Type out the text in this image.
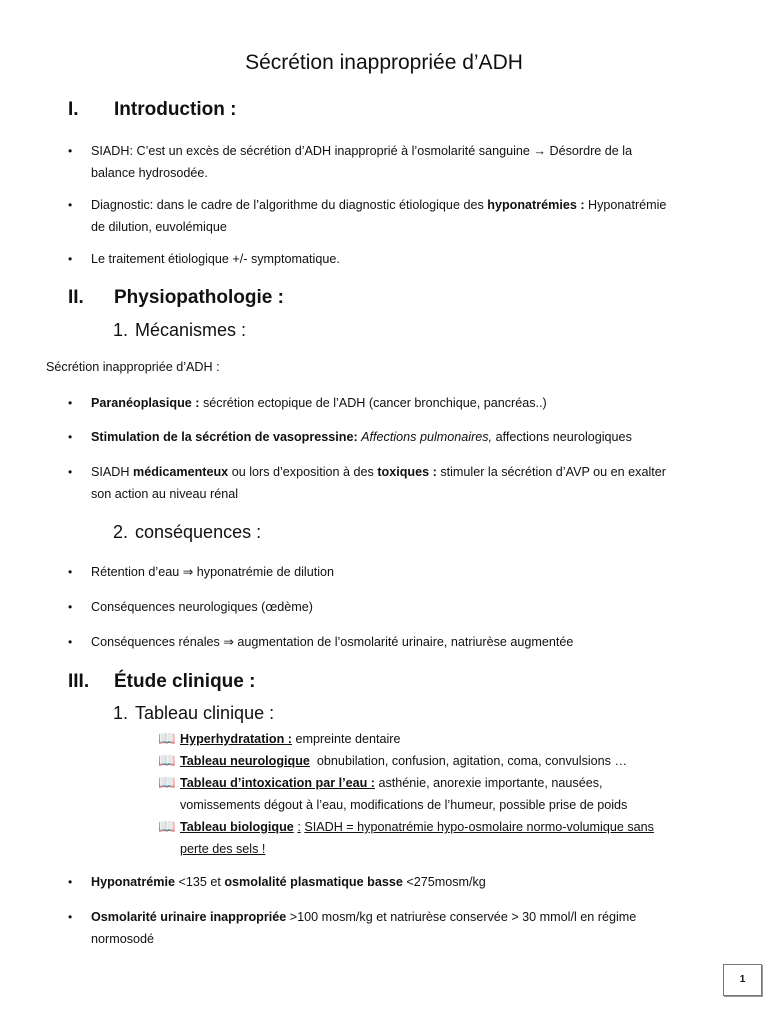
Sécrétion inappropriée d’ADH
I. Introduction :
•
SIADH: C’est un excès de sécrétion d’ADH inapproprié à l’osmolarité sanguine → Désordre de la
balance hydrosodée.
•
Diagnostic: dans le cadre de l’algorithme du diagnostic étiologique des hyponatrémies : Hyponatrémie
de dilution, euvolémique
•
Le traitement étiologique +/- symptomatique.
II. Physiopathologie :
1. Mécanismes :
Sécrétion inappropriée d’ADH :
•
Paranéoplasique : sécrétion ectopique de l’ADH (cancer bronchique, pancréas..)
•
Stimulation de la sécrétion de vasopressine: Affections pulmonaires, affections neurologiques
•
SIADH médicamenteux ou lors d’exposition à des toxiques : stimuler la sécrétion d’AVP ou en exalter
son action au niveau rénal
2. conséquences :
•
Rétention d’eau ⇒ hyponatrémie de dilution
•
Conséquences neurologiques (œdème)
•
Conséquences rénales ⇒ augmentation de l’osmolarité urinaire, natriurèse augmentée
III. Étude clinique :
1. Tableau clinique :
📖 Hyperhydratation : empreinte dentaire
📖 Tableau neurologique obnubilation, confusion, agitation, coma, convulsions …
📖 Tableau d’intoxication par l’eau : asthénie, anorexie importante, nausées,
vomissements dégout à l’eau, modifications de l’humeur, possible prise de poids
📖 Tableau biologique : SIADH = hyponatrémie hypo-osmolaire normo-volumique sans
perte des sels !
•
Hyponatrémie <135 et osmolalité plasmatique basse <275mosm/kg
•
Osmolarité urinaire inappropriée >100 mosm/kg et natriurèse conservée > 30 mmol/l en régime
normosodé
1
